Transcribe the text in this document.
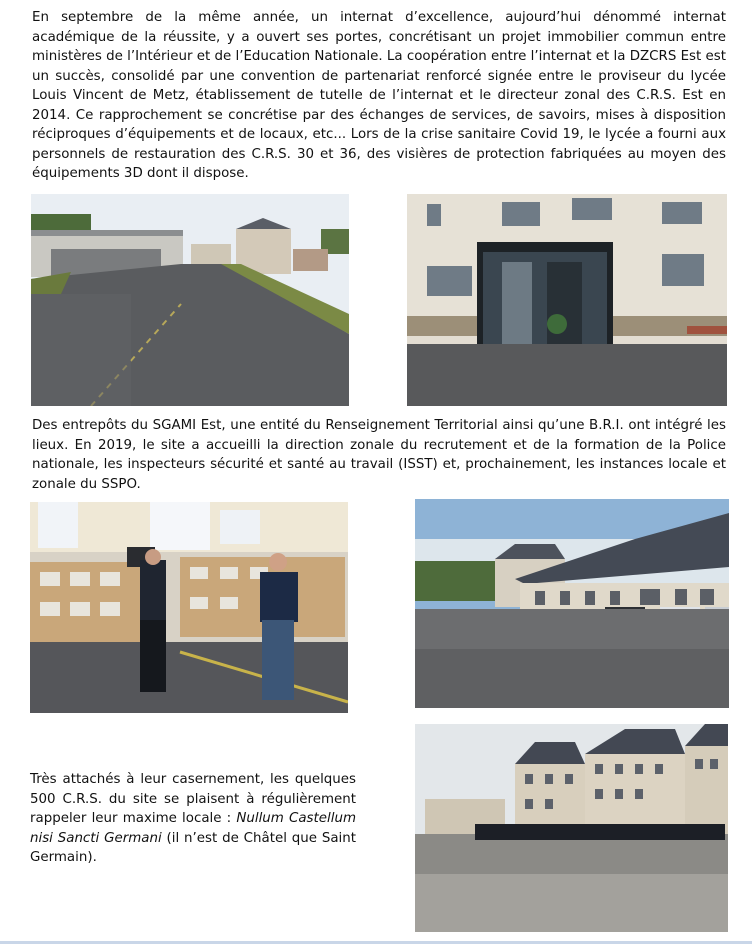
En septembre de la même année, un internat d’excellence, aujourd’hui dénommé internat académique de la réussite, y a ouvert ses portes, concrétisant un projet immobilier commun entre ministères de l’Intérieur et de l’Education Nationale. La coopération entre l’internat et la DZCRS Est est un succès, consolidé par une convention de partenariat renforcé signée entre le proviseur du lycée Louis Vincent de Metz, établissement de tutelle de l’internat et le directeur zonal des C.R.S. Est en 2014. Ce rapprochement se concrétise par des échanges de services, de savoirs, mises à disposition réciproques d’équipements et de locaux, etc... Lors de la crise sanitaire Covid 19, le lycée a fourni aux personnels de restauration des C.R.S. 30 et 36, des visières de protection fabriquées au moyen des équipements 3D dont il dispose.

Des entrepôts du SGAMI Est, une entité du Renseignement Territorial ainsi qu’une B.R.I. ont intégré les lieux. En 2019, le site a accueilli la direction zonale du recrutement et de la formation de la Police nationale, les inspecteurs sécurité et santé au travail (ISST) et, prochainement, les instances locale et zonale du SSPO.

Très attachés à leur casernement, les quelques 500 C.R.S. du site se plaisent à régulièrement rappeler leur maxime locale : Nullum Castellum nisi Sancti Germani (il n’est de Châtel que Saint Germain).
